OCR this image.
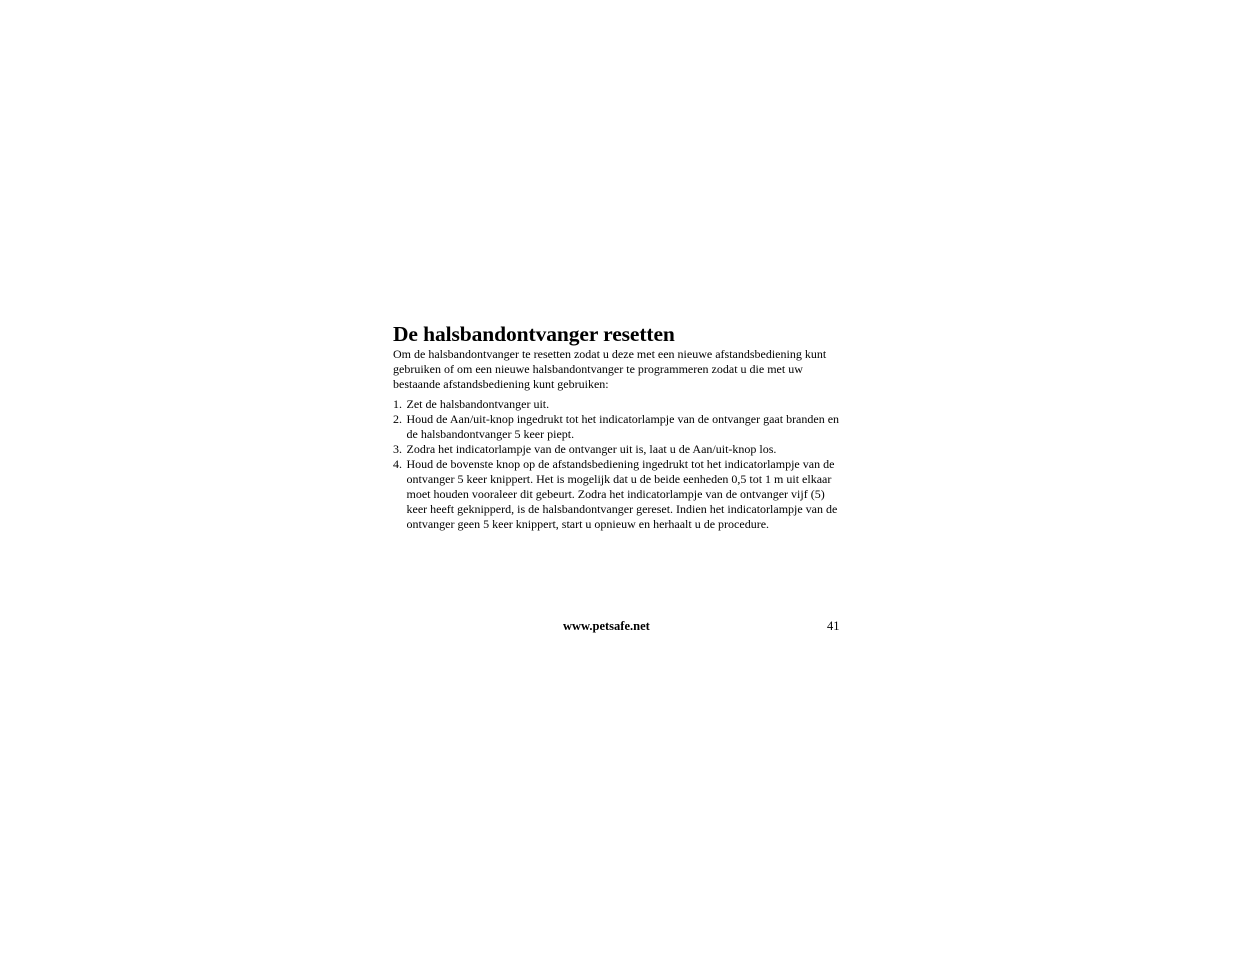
De halsbandontvanger resetten

Om de halsbandontvanger te resetten zodat u deze met een nieuwe afstandsbediening kunt gebruiken of om een nieuwe halsbandontvanger te programmeren zodat u die met uw bestaande afstandsbediening kunt gebruiken:

1. Zet de halsbandontvanger uit.
2. Houd de Aan/uit-knop ingedrukt tot het indicatorlampje van de ontvanger gaat branden en de halsbandontvanger 5 keer piept.
3. Zodra het indicatorlampje van de ontvanger uit is, laat u de Aan/uit-knop los.
4. Houd de bovenste knop op de afstandsbediening ingedrukt tot het indicatorlampje van de ontvanger 5 keer knippert. Het is mogelijk dat u de beide eenheden 0,5 tot 1 m uit elkaar moet houden vooraleer dit gebeurt. Zodra het indicatorlampje van de ontvanger vijf (5) keer heeft geknipperd, is de halsbandontvanger gereset. Indien het indicatorlampje van de ontvanger geen 5 keer knippert, start u opnieuw en herhaalt u de procedure.
www.petsafe.net	41
